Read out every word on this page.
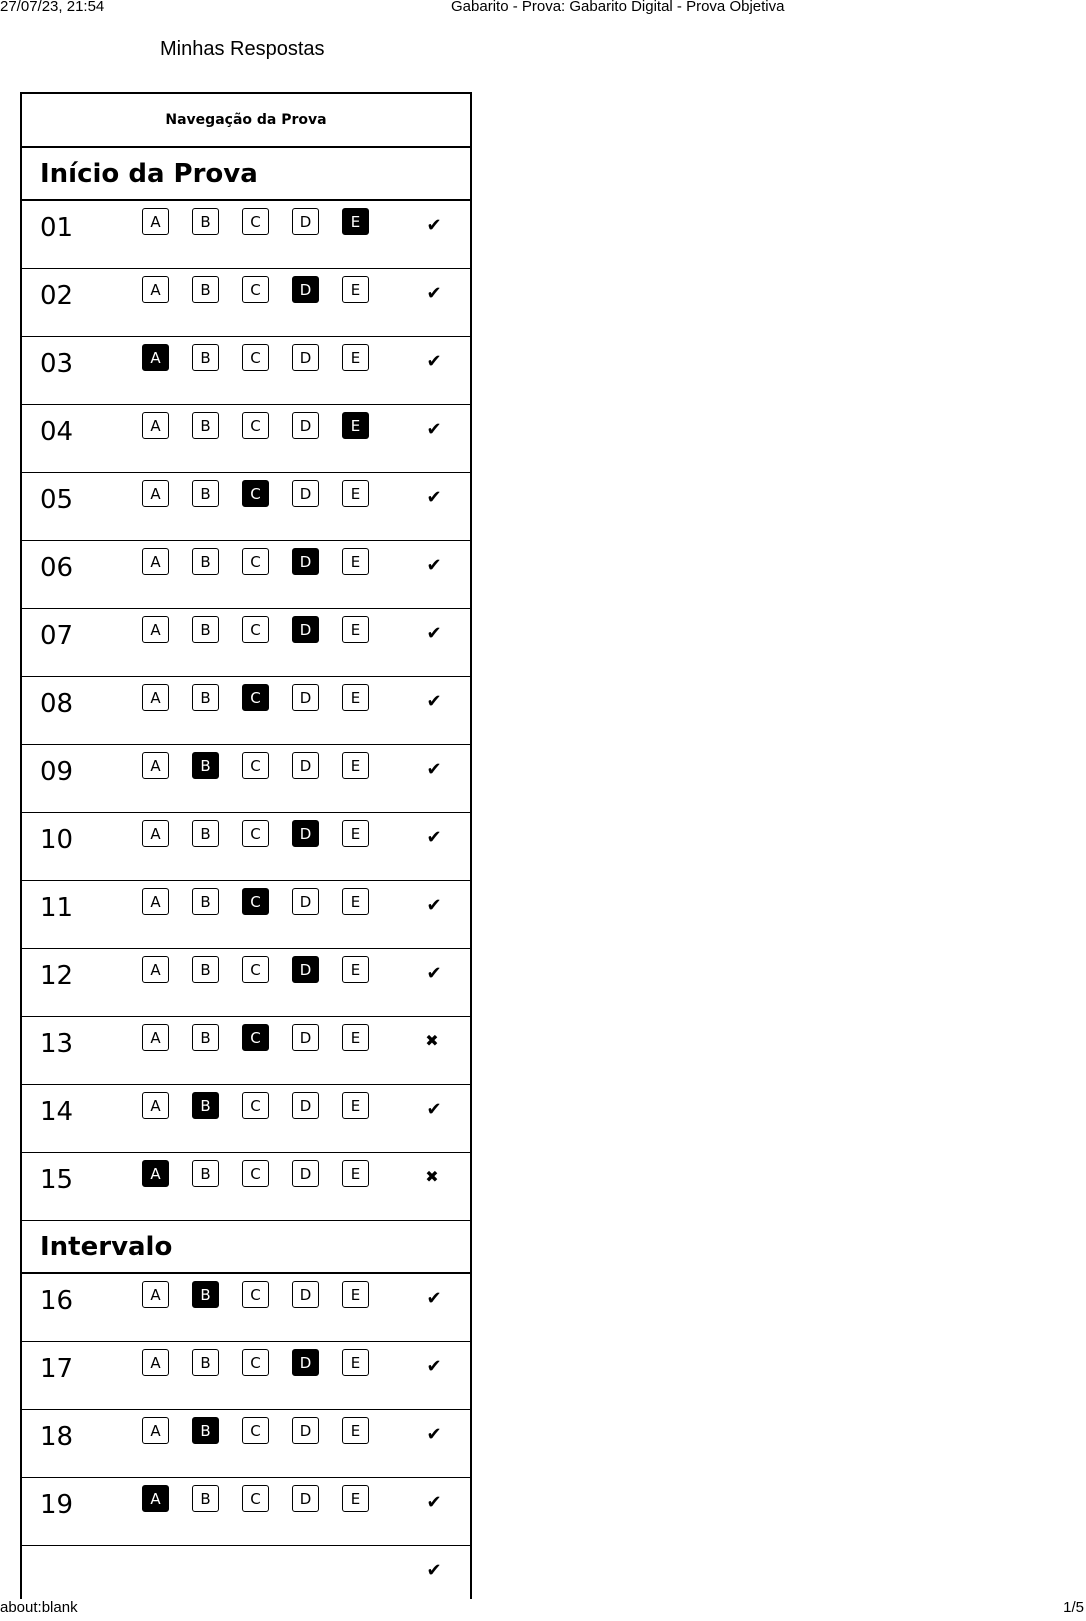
27/07/23, 21:54	Gabarito - Prova: Gabarito Digital - Prova Objetiva
Minhas Respostas
Navegação da Prova
Início da Prova
01	A	B	C	D	E	✔
02	A	B	C	D	E	✔
03	A	B	C	D	E	✔
04	A	B	C	D	E	✔
05	A	B	C	D	E	✔
06	A	B	C	D	E	✔
07	A	B	C	D	E	✔
08	A	B	C	D	E	✔
09	A	B	C	D	E	✔
10	A	B	C	D	E	✔
11	A	B	C	D	E	✔
12	A	B	C	D	E	✔
13	A	B	C	D	E	✖
14	A	B	C	D	E	✔
15	A	B	C	D	E	✖
Intervalo
16	A	B	C	D	E	✔
17	A	B	C	D	E	✔
18	A	B	C	D	E	✔
19	A	B	C	D	E	✔
✔
about:blank	1/5
